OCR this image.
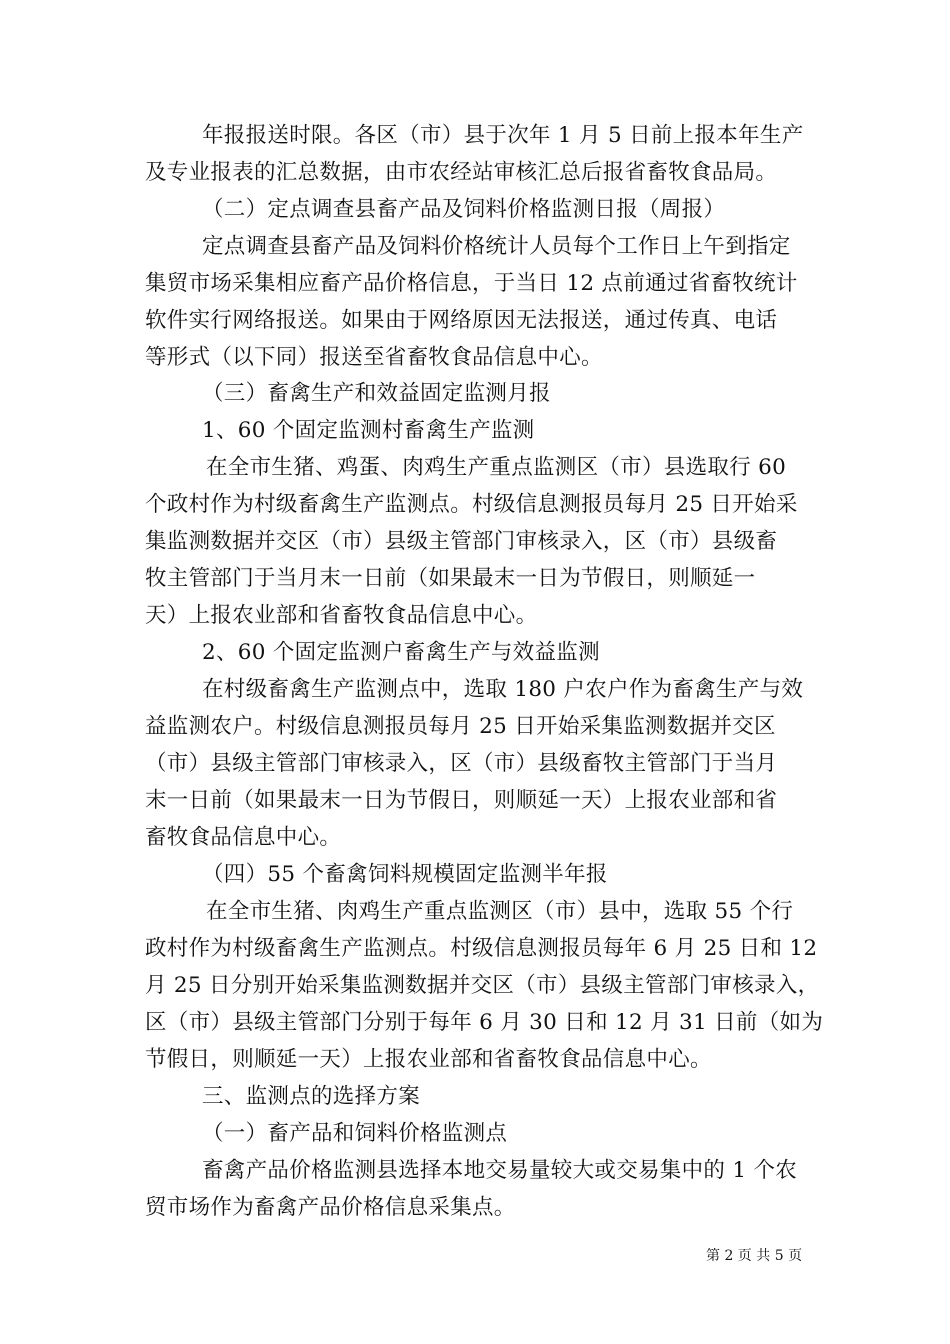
年报报送时限。各区（市）县于次年 1 月 5 日前上报本年生产
及专业报表的汇总数据，由市农经站审核汇总后报省畜牧食品局。
（二）定点调查县畜产品及饲料价格监测日报（周报）
定点调查县畜产品及饲料价格统计人员每个工作日上午到指定
集贸市场采集相应畜产品价格信息，于当日 12 点前通过省畜牧统计
软件实行网络报送。如果由于网络原因无法报送，通过传真、电话
等形式（以下同）报送至省畜牧食品信息中心。
（三）畜禽生产和效益固定监测月报
1、60 个固定监测村畜禽生产监测
在全市生猪、鸡蛋、肉鸡生产重点监测区（市）县选取行 60
个政村作为村级畜禽生产监测点。村级信息测报员每月 25 日开始采
集监测数据并交区（市）县级主管部门审核录入，区（市）县级畜
牧主管部门于当月末一日前（如果最末一日为节假日，则顺延一
天）上报农业部和省畜牧食品信息中心。
2、60 个固定监测户畜禽生产与效益监测
在村级畜禽生产监测点中，选取 180 户农户作为畜禽生产与效
益监测农户。村级信息测报员每月 25 日开始采集监测数据并交区
（市）县级主管部门审核录入，区（市）县级畜牧主管部门于当月
末一日前（如果最末一日为节假日，则顺延一天）上报农业部和省
畜牧食品信息中心。
（四）55 个畜禽饲料规模固定监测半年报
在全市生猪、肉鸡生产重点监测区（市）县中，选取 55 个行
政村作为村级畜禽生产监测点。村级信息测报员每年 6 月 25 日和 12
月 25 日分别开始采集监测数据并交区（市）县级主管部门审核录入，
区（市）县级主管部门分别于每年 6 月 30 日和 12 月 31 日前（如为
节假日，则顺延一天）上报农业部和省畜牧食品信息中心。
三、监测点的选择方案
（一）畜产品和饲料价格监测点
畜禽产品价格监测县选择本地交易量较大或交易集中的 1 个农
贸市场作为畜禽产品价格信息采集点。
第 2 页 共 5 页
